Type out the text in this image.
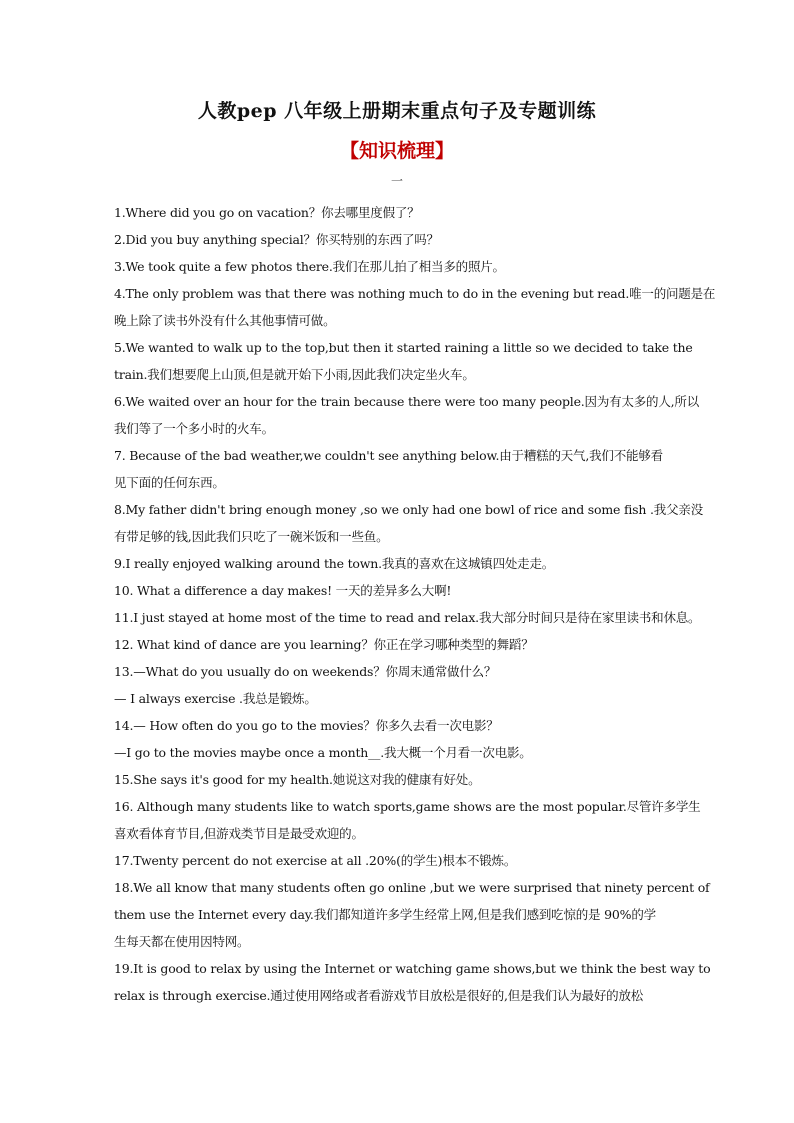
人教pep 八年级上册期末重点句子及专题训练
【知识梳理】
一
1.Where did you go on vacation？你去哪里度假了？
2.Did you buy anything special？你买特别的东西了吗？
3.We took quite a few photos there.我们在那儿拍了相当多的照片。
4.The only problem was that there was nothing much to do in the evening but read.唯一的问题是在
晚上除了读书外没有什么其他事情可做。
5.We wanted to walk up to the top,but then it started raining a little so we decided to take the
train.我们想要爬上山顶,但是就开始下小雨,因此我们决定坐火车。
6.We waited over an hour for the train because there were too many people.因为有太多的人,所以
我们等了一个多小时的火车。
7. Because of the bad weather,we couldn't see anything below.由于糟糕的天气,我们不能够看
见下面的任何东西。
8.My father didn't bring enough money ,so we only had one bowl of rice and some fish .我父亲没
有带足够的钱,因此我们只吃了一碗米饭和一些鱼。
9.I really enjoyed walking around the town.我真的喜欢在这城镇四处走走。
10. What a difference a day makes! 一天的差异多么大啊!
11.I just stayed at home most of the time to read and relax.我大部分时间只是待在家里读书和休息。
12. What kind of dance are you learning？你正在学习哪种类型的舞蹈？
13.—What do you usually do on weekends？你周末通常做什么？
— I always exercise .我总是锻炼。
14.— How often do you go to the movies？你多久去看一次电影？
—I go to the movies maybe once a month__.我大概一个月看一次电影。
15.She says it's good for my health.她说这对我的健康有好处。
16. Although many students like to watch sports,game shows are the most popular.尽管许多学生
喜欢看体育节目,但游戏类节目是最受欢迎的。
17.Twenty percent do not exercise at all .20%(的学生)根本不锻炼。
18.We all know that many students often go online ,but we were surprised that ninety percent of
them use the Internet every day.我们都知道许多学生经常上网,但是我们感到吃惊的是 90%的学
生每天都在使用因特网。
19.It is good to relax by using the Internet or watching game shows,but we think the best way to
relax is through exercise.通过使用网络或者看游戏节目放松是很好的,但是我们认为最好的放松
